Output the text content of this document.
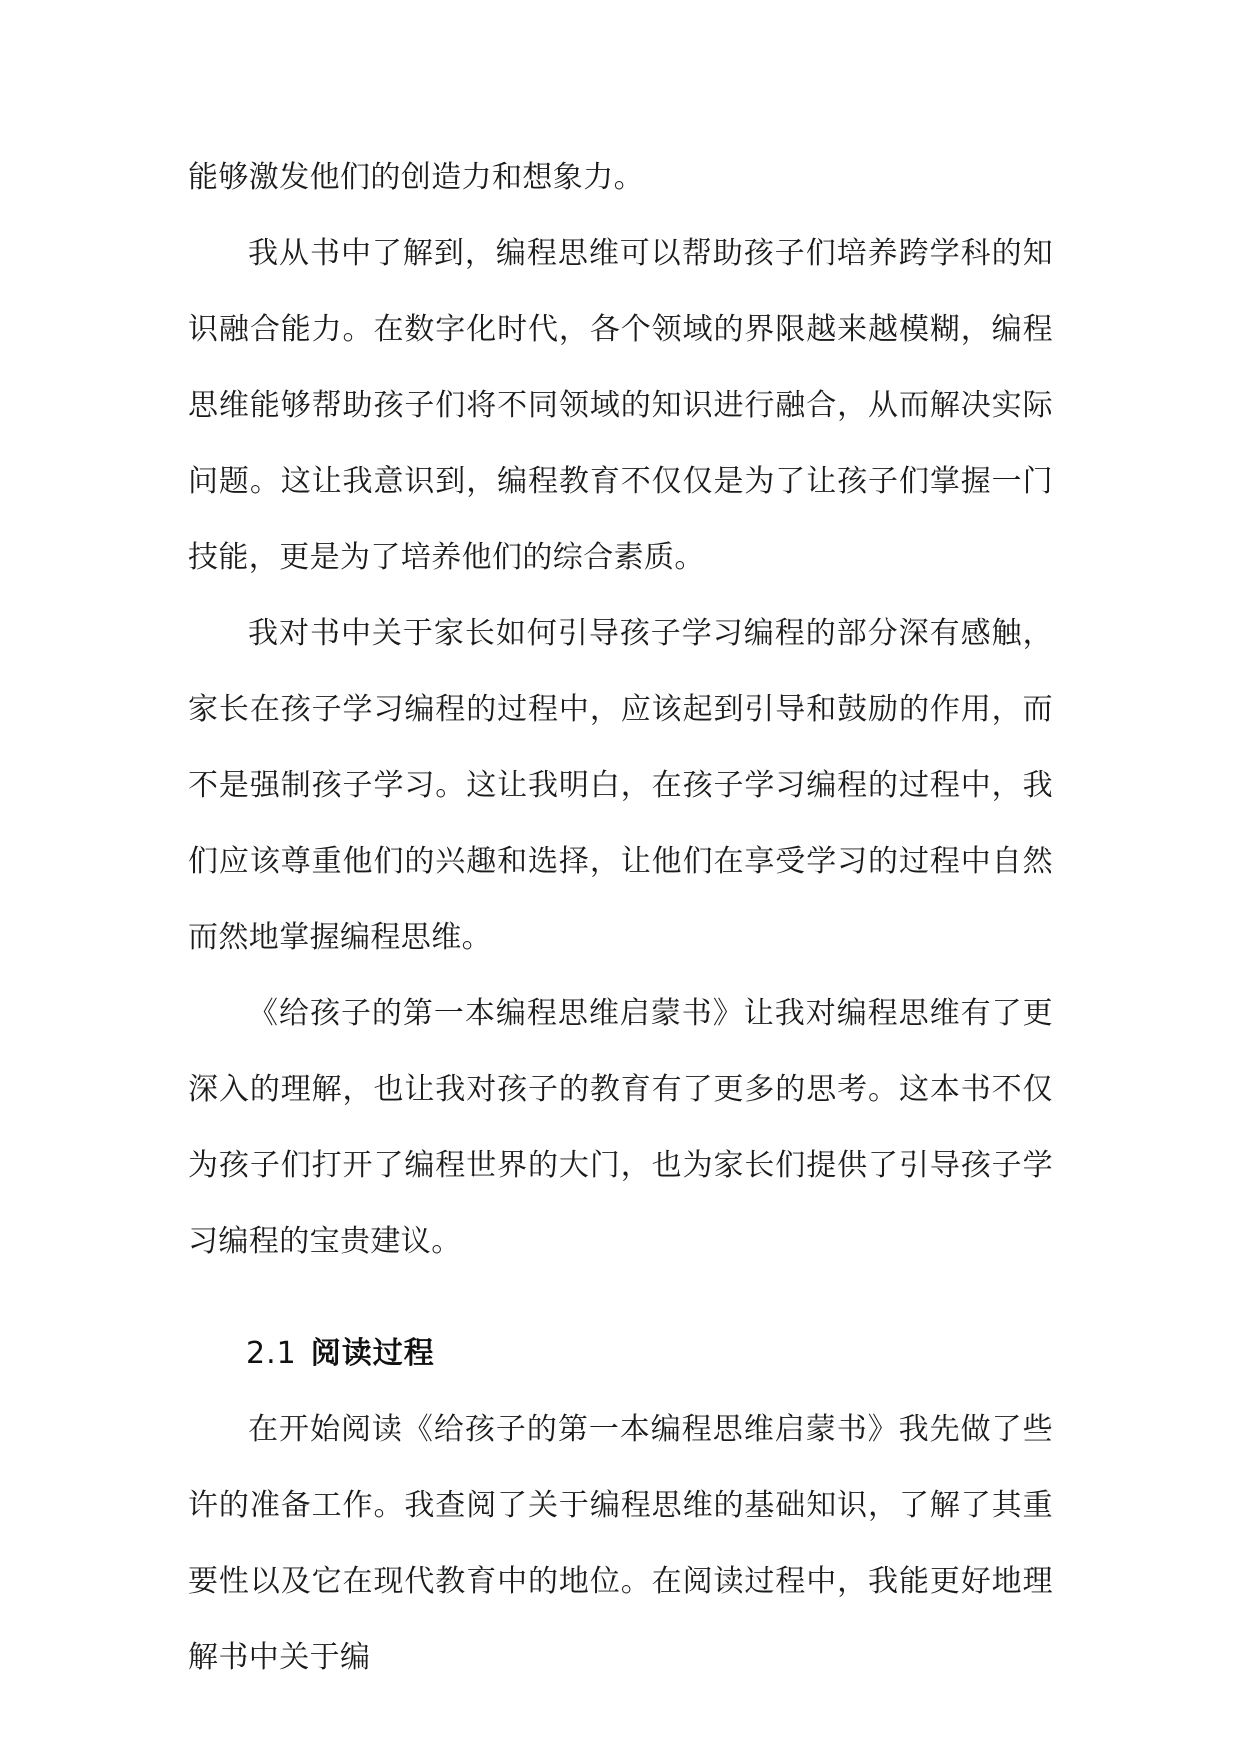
能够激发他们的创造力和想象力。

我从书中了解到，编程思维可以帮助孩子们培养跨学科的知识融合能力。在数字化时代，各个领域的界限越来越模糊，编程思维能够帮助孩子们将不同领域的知识进行融合，从而解决实际问题。这让我意识到，编程教育不仅仅是为了让孩子们掌握一门技能，更是为了培养他们的综合素质。

我对书中关于家长如何引导孩子学习编程的部分深有感触，家长在孩子学习编程的过程中，应该起到引导和鼓励的作用，而不是强制孩子学习。这让我明白，在孩子学习编程的过程中，我们应该尊重他们的兴趣和选择，让他们在享受学习的过程中自然而然地掌握编程思维。

《给孩子的第一本编程思维启蒙书》让我对编程思维有了更深入的理解，也让我对孩子的教育有了更多的思考。这本书不仅为孩子们打开了编程世界的大门，也为家长们提供了引导孩子学习编程的宝贵建议。

2.1 阅读过程

在开始阅读《给孩子的第一本编程思维启蒙书》我先做了些许的准备工作。我查阅了关于编程思维的基础知识，了解了其重要性以及它在现代教育中的地位。在阅读过程中，我能更好地理解书中关于编
